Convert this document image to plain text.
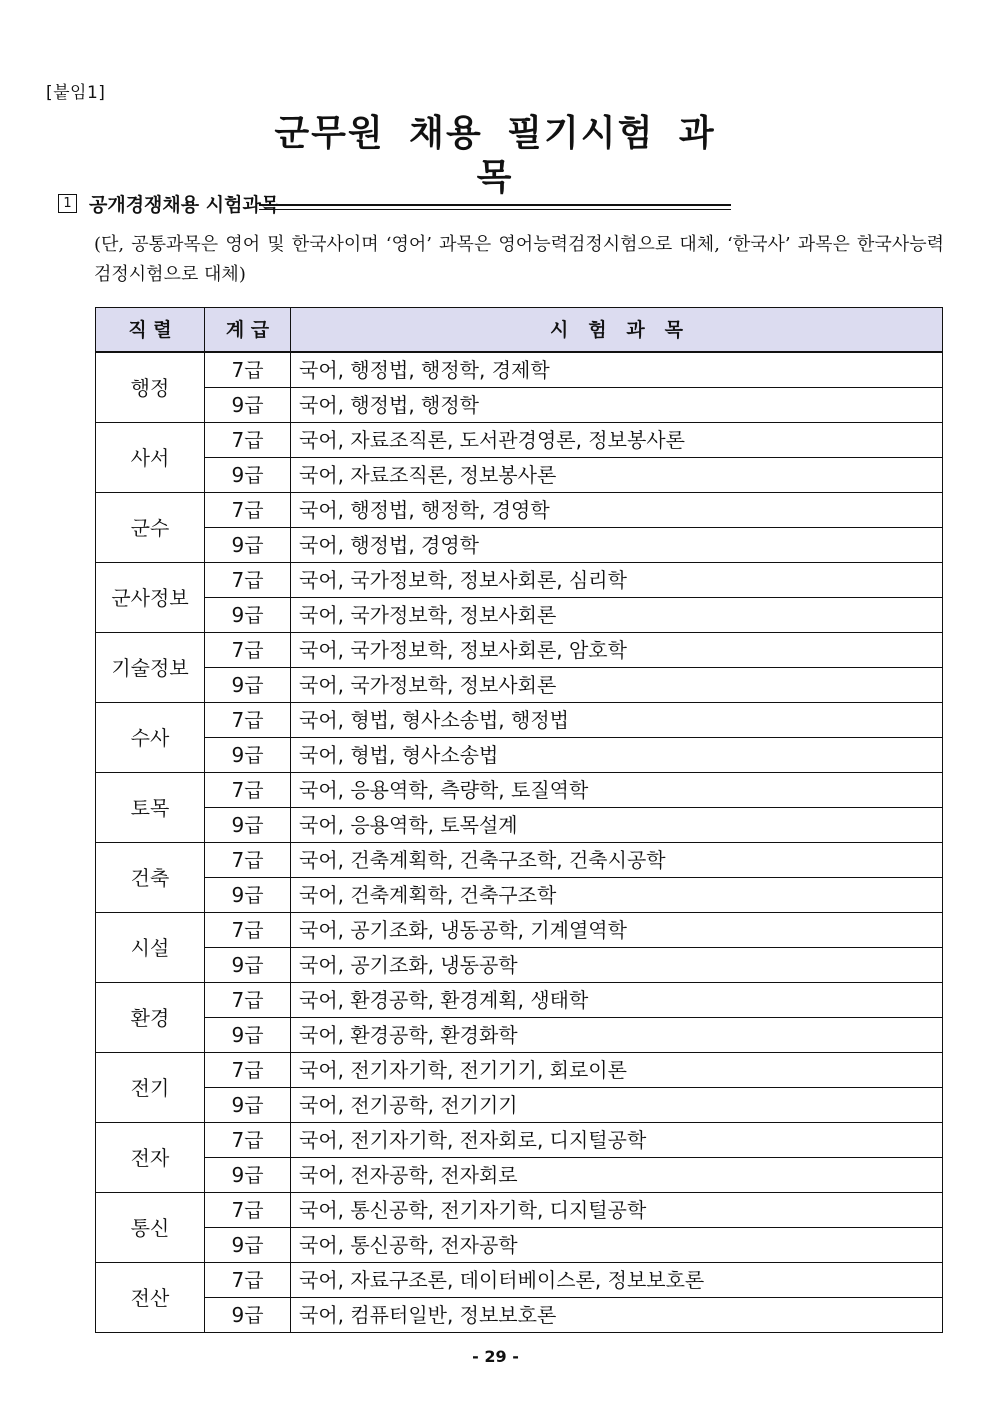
[붙임1]
군무원 채용 필기시험 과목
1 공개경쟁채용 시험과목
(단, 공통과목은 영어 및 한국사이며 ‘영어’ 과목은 영어능력검정시험으로 대체, ‘한국사’ 과목은 한국사능력검정시험으로 대체)
직 렬	계 급	시   험   과   목
행정	7급	국어, 행정법, 행정학, 경제학
	9급	국어, 행정법, 행정학
사서	7급	국어, 자료조직론, 도서관경영론, 정보봉사론
	9급	국어, 자료조직론, 정보봉사론
군수	7급	국어, 행정법, 행정학, 경영학
	9급	국어, 행정법, 경영학
군사정보	7급	국어, 국가정보학, 정보사회론, 심리학
	9급	국어, 국가정보학, 정보사회론
기술정보	7급	국어, 국가정보학, 정보사회론, 암호학
	9급	국어, 국가정보학, 정보사회론
수사	7급	국어, 형법, 형사소송법, 행정법
	9급	국어, 형법, 형사소송법
토목	7급	국어, 응용역학, 측량학, 토질역학
	9급	국어, 응용역학, 토목설계
건축	7급	국어, 건축계획학, 건축구조학, 건축시공학
	9급	국어, 건축계획학, 건축구조학
시설	7급	국어, 공기조화, 냉동공학, 기계열역학
	9급	국어, 공기조화, 냉동공학
환경	7급	국어, 환경공학, 환경계획, 생태학
	9급	국어, 환경공학, 환경화학
전기	7급	국어, 전기자기학, 전기기기, 회로이론
	9급	국어, 전기공학, 전기기기
전자	7급	국어, 전기자기학, 전자회로, 디지털공학
	9급	국어, 전자공학, 전자회로
통신	7급	국어, 통신공학, 전기자기학, 디지털공학
	9급	국어, 통신공학, 전자공학
전산	7급	국어, 자료구조론, 데이터베이스론, 정보보호론
	9급	국어, 컴퓨터일반, 정보보호론
- 29 -
